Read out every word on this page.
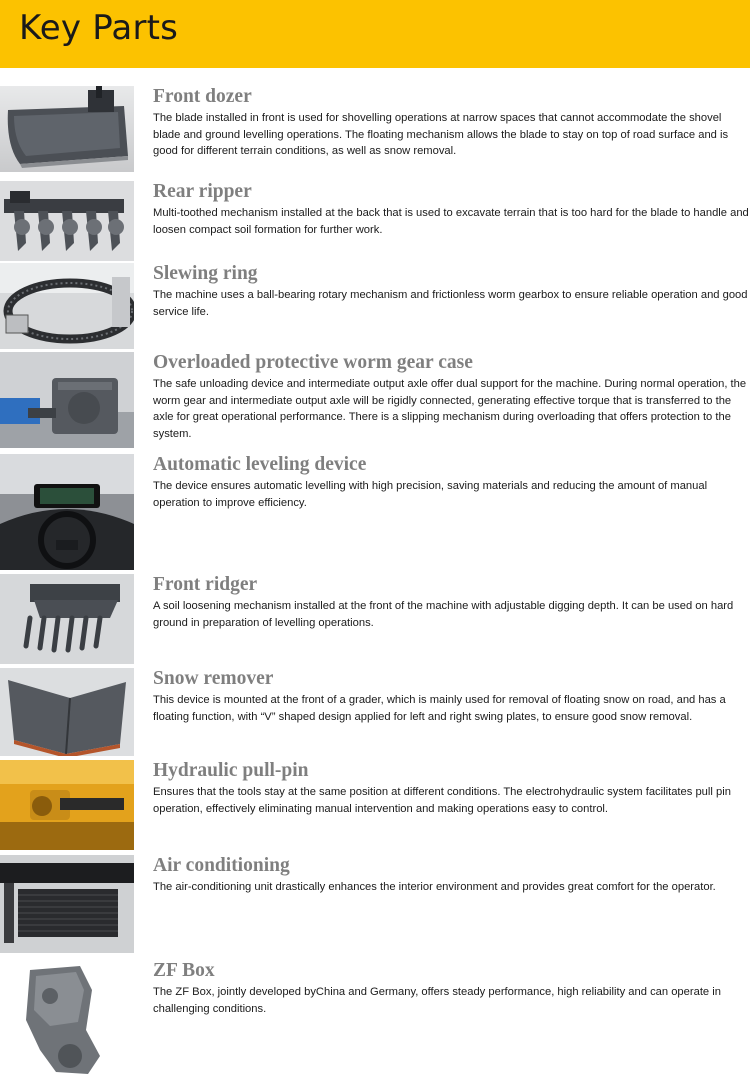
Key Parts

Front dozer

The blade installed in front is used for shovelling operations at narrow spaces that cannot accommodate the shovel blade and ground levelling operations. The floating mechanism allows the blade to stay on top of road surface and is good for different terrain conditions, as well as snow removal.

Rear ripper

Multi-toothed mechanism installed at the back that is used to excavate terrain that is too hard for the blade to handle and loosen compact soil formation for further work.

Slewing ring

The machine uses a ball-bearing rotary mechanism and frictionless worm gearbox to ensure reliable operation and good service life.

Overloaded protective worm gear case

The safe unloading device and intermediate output axle offer dual support for the machine. During normal operation, the worm gear and intermediate output axle will be rigidly connected, generating effective torque that is transferred to the axle for great operational performance. There is a slipping mechanism during overloading that offers protection to the system.

Automatic leveling device

The device ensures automatic levelling with high precision, saving materials and reducing the amount of manual operation to improve efficiency.

Front ridger

A soil loosening mechanism installed at the front of the machine with adjustable digging depth. It can be used on hard ground in preparation of levelling operations.

Snow remover

This device is mounted at the front of a grader, which is mainly used for removal of floating snow on road, and has a floating function, with “V” shaped design applied for left and right swing plates, to ensure good snow removal.

Hydraulic pull-pin

Ensures that the tools stay at the same position at different conditions. The electrohydraulic system facilitates pull pin operation, effectively eliminating manual intervention and making operations easy to control.

Air conditioning

The air-conditioning unit drastically enhances the interior environment and provides great comfort for the operator.

ZF Box

The ZF Box, jointly developed byChina and Germany, offers steady performance, high reliability and can operate in challenging conditions.
